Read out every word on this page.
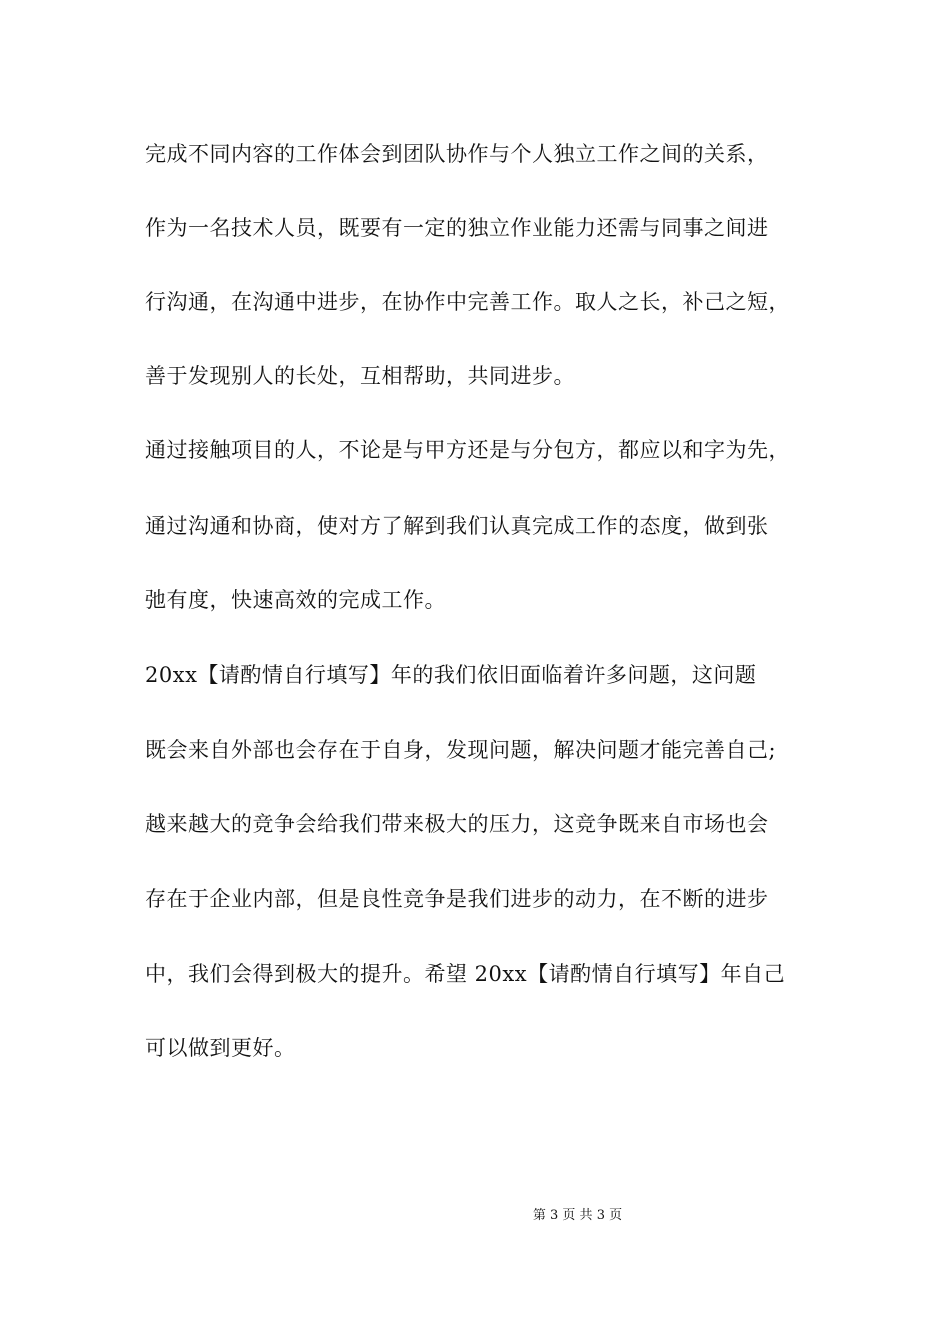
完成不同内容的工作体会到团队协作与个人独立工作之间的关系，
作为一名技术人员，既要有一定的独立作业能力还需与同事之间进
行沟通，在沟通中进步，在协作中完善工作。取人之长，补己之短，
善于发现别人的长处，互相帮助，共同进步。
通过接触项目的人，不论是与甲方还是与分包方，都应以和字为先，
通过沟通和协商，使对方了解到我们认真完成工作的态度，做到张
弛有度，快速高效的完成工作。
20xx【请酌情自行填写】年的我们依旧面临着许多问题，这问题
既会来自外部也会存在于自身，发现问题，解决问题才能完善自己;
越来越大的竞争会给我们带来极大的压力，这竞争既来自市场也会
存在于企业内部，但是良性竞争是我们进步的动力，在不断的进步
中，我们会得到极大的提升。希望 20xx【请酌情自行填写】年自己
可以做到更好。
第 3 页 共 3 页
